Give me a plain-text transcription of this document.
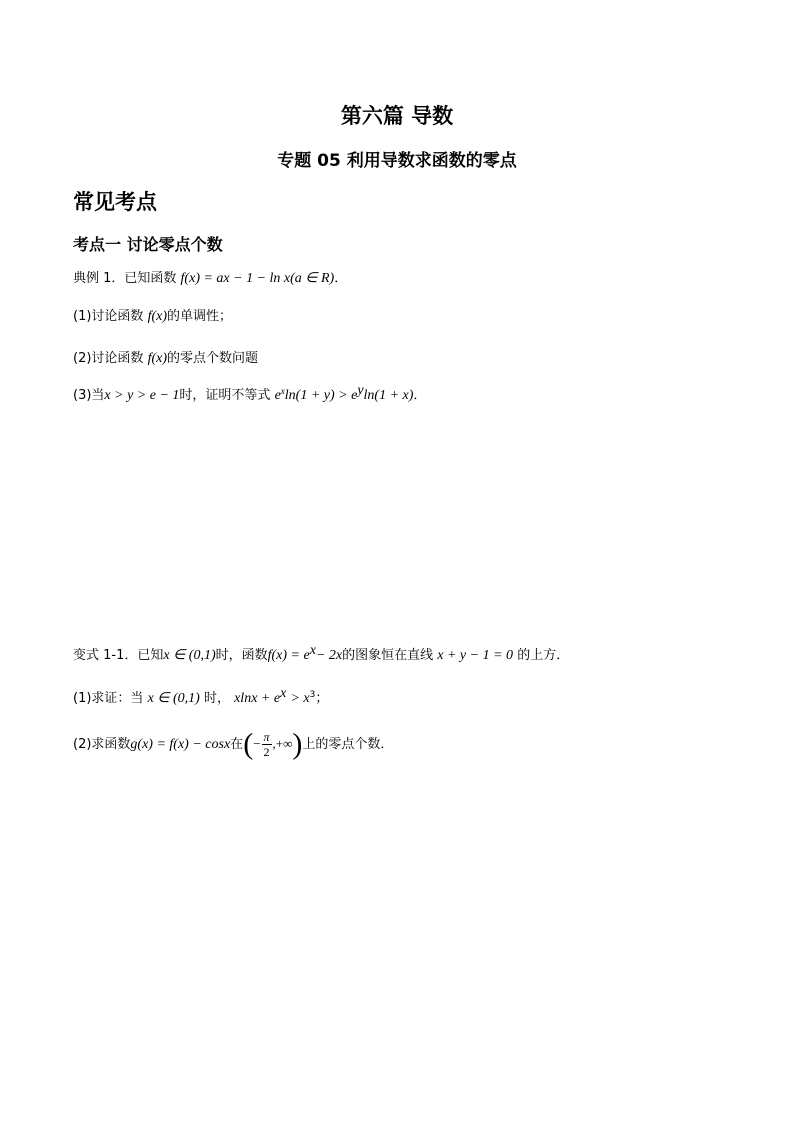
第六篇 导数
专题 05 利用导数求函数的零点
常见考点
考点一 讨论零点个数
典例 1．已知函数 f(x) = ax − 1 − ln x(a ∈ R)．
(1)讨论函数 f(x)的单调性；
(2)讨论函数 f(x)的零点个数问题
(3)当x > y > e − 1时，证明不等式 $e^x\ln(1 + y) > e^y\ln(1 + x)$．
变式 1-1．已知x ∈ (0,1)时，函数$f(x) = e^x- 2x$的图象恒在直线 x + y − 1 = 0 的上方．
(1)求证：当 x ∈ (0,1) 时， $xlnx + e^x > x^3$；
(2)求函数g(x) = f(x) − cosx在(− $\frac{\pi}{2}$ ,+∞)上的零点个数．
